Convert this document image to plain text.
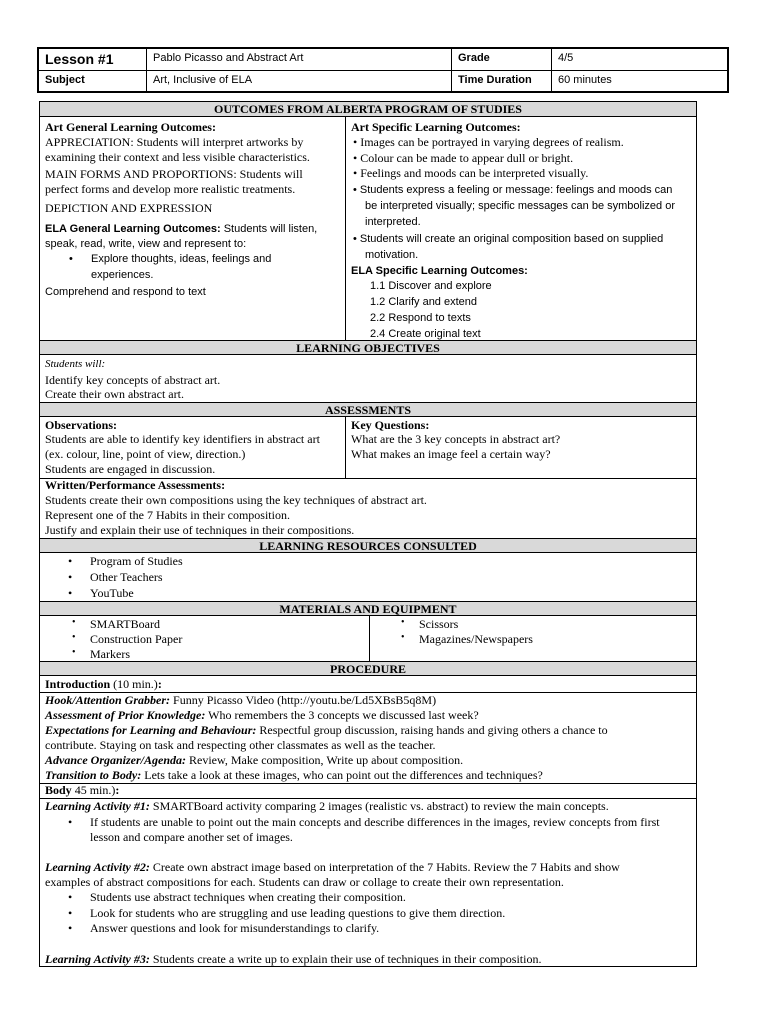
Lesson #1	Pablo Picasso and Abstract Art	Grade	4/5
Subject	Art, Inclusive of ELA	Time Duration	60 minutes
OUTCOMES FROM ALBERTA PROGRAM OF STUDIES
Art General Learning Outcomes:
APPRECIATION: Students will interpret artworks by
examining their context and less visible characteristics.
MAIN FORMS AND PROPORTIONS: Students will
perfect forms and develop more realistic treatments.
DEPICTION AND EXPRESSION
ELA General Learning Outcomes: Students will listen,
speak, read, write, view and represent to:
• Explore thoughts, ideas, feelings and
experiences.
Comprehend and respond to text
Art Specific Learning Outcomes:
• Images can be portrayed in varying degrees of realism.
• Colour can be made to appear dull or bright.
• Feelings and moods can be interpreted visually.
• Students express a feeling or message: feelings and moods can
be interpreted visually; specific messages can be symbolized or
interpreted.
• Students will create an original composition based on supplied
motivation.
ELA Specific Learning Outcomes:
1.1 Discover and explore
1.2 Clarify and extend
2.2 Respond to texts
2.4 Create original text
LEARNING OBJECTIVES
Students will:
Identify key concepts of abstract art.
Create their own abstract art.
ASSESSMENTS
Observations:
Students are able to identify key identifiers in abstract art
(ex. colour, line, point of view, direction.)
Students are engaged in discussion.
Key Questions:
What are the 3 key concepts in abstract art?
What makes an image feel a certain way?
Written/Performance Assessments:
Students create their own compositions using the key techniques of abstract art.
Represent one of the 7 Habits in their composition.
Justify and explain their use of techniques in their compositions.
LEARNING RESOURCES CONSULTED
• Program of Studies
• Other Teachers
• YouTube
MATERIALS AND EQUIPMENT
• SMARTBoard
• Construction Paper
• Markers
• Scissors
• Magazines/Newspapers
PROCEDURE
Introduction (10 min.):
Hook/Attention Grabber: Funny Picasso Video (http://youtu.be/Ld5XBsB5q8M)
Assessment of Prior Knowledge: Who remembers the 3 concepts we discussed last week?
Expectations for Learning and Behaviour: Respectful group discussion, raising hands and giving others a chance to
contribute. Staying on task and respecting other classmates as well as the teacher.
Advance Organizer/Agenda: Review, Make composition, Write up about composition.
Transition to Body: Lets take a look at these images, who can point out the differences and techniques?
Body 45 min.):
Learning Activity #1: SMARTBoard activity comparing 2 images (realistic vs. abstract) to review the main concepts.
• If students are unable to point out the main concepts and describe differences in the images, review concepts from first
lesson and compare another set of images.
Learning Activity #2: Create own abstract image based on interpretation of the 7 Habits. Review the 7 Habits and show
examples of abstract compositions for each. Students can draw or collage to create their own representation.
• Students use abstract techniques when creating their composition.
• Look for students who are struggling and use leading questions to give them direction.
• Answer questions and look for misunderstandings to clarify.
Learning Activity #3: Students create a write up to explain their use of techniques in their composition.
